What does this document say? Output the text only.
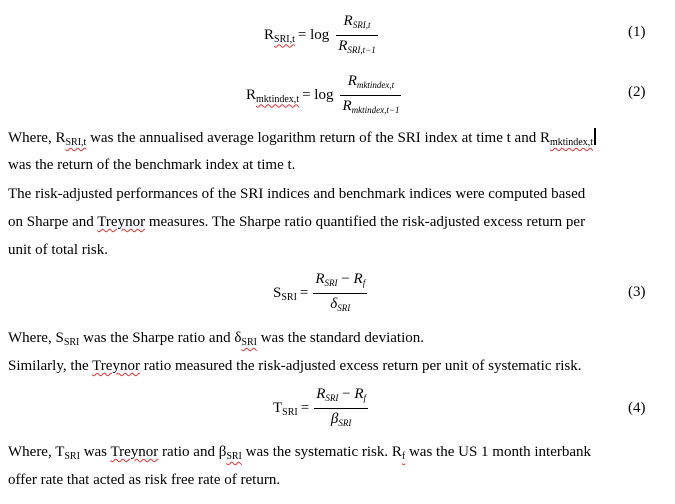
$R_{SRI,t} = \log \frac{R_{SRI,t}}{R_{SRI,t-1}}$	(1)
$R_{mktindex,t} = \log \frac{R_{mktindex,t}}{R_{mktindex,t-1}}$	(2)
Where, $R_{SRI,t}$ was the annualised average logarithm return of the SRI index at time t and $R_{mktindex,t}$
was the return of the benchmark index at time t.
The risk-adjusted performances of the SRI indices and benchmark indices were computed based
on Sharpe and Treynor measures. The Sharpe ratio quantified the risk-adjusted excess return per
unit of total risk.
$S_{SRI} = \frac{R_{SRI} - R_f}{\delta_{SRI}}$	(3)
Where, $S_{SRI}$ was the Sharpe ratio and $\delta_{SRI}$ was the standard deviation.
Similarly, the Treynor ratio measured the risk-adjusted excess return per unit of systematic risk.
$T_{SRI} = \frac{R_{SRI} - R_f}{\beta_{SRI}}$	(4)
Where, $T_{SRI}$ was Treynor ratio and $\beta_{SRI}$ was the systematic risk. $R_f$ was the US 1 month interbank
offer rate that acted as risk free rate of return.
